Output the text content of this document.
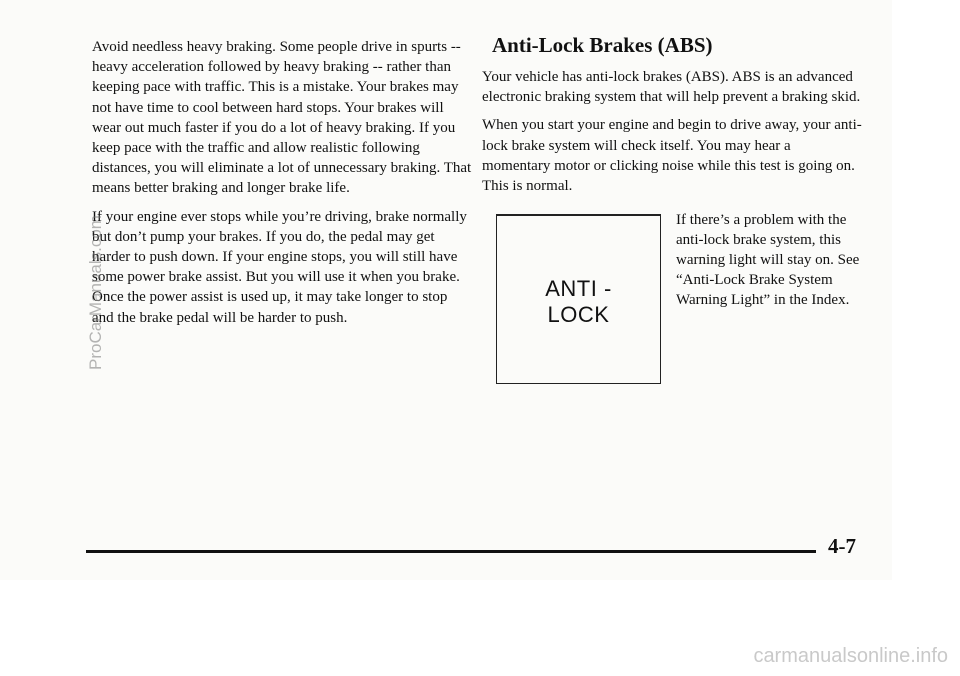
Avoid needless heavy braking. Some people drive in spurts -- heavy acceleration followed by heavy braking -- rather than keeping pace with traffic. This is a mistake. Your brakes may not have time to cool between hard stops. Your brakes will wear out much faster if you do a lot of heavy braking. If you keep pace with the traffic and allow realistic following distances, you will eliminate a lot of unnecessary braking. That means better braking and longer brake life.

If your engine ever stops while you’re driving, brake normally but don’t pump your brakes. If you do, the pedal may get harder to push down. If your engine stops, you will still have some power brake assist. But you will use it when you brake. Once the power assist is used up, it may take longer to stop and the brake pedal will be harder to push.

Anti-Lock Brakes (ABS)

Your vehicle has anti-lock brakes (ABS). ABS is an advanced electronic braking system that will help prevent a braking skid.

When you start your engine and begin to drive away, your anti-lock brake system will check itself. You may hear a momentary motor or clicking noise while this test is going on. This is normal.

ANTI -
LOCK
If there’s a problem with the anti-lock brake system, this warning light will stay on. See “Anti-Lock Brake System Warning Light” in the Index.
4-7
ProCarManuals.com
carmanualsonline.info
